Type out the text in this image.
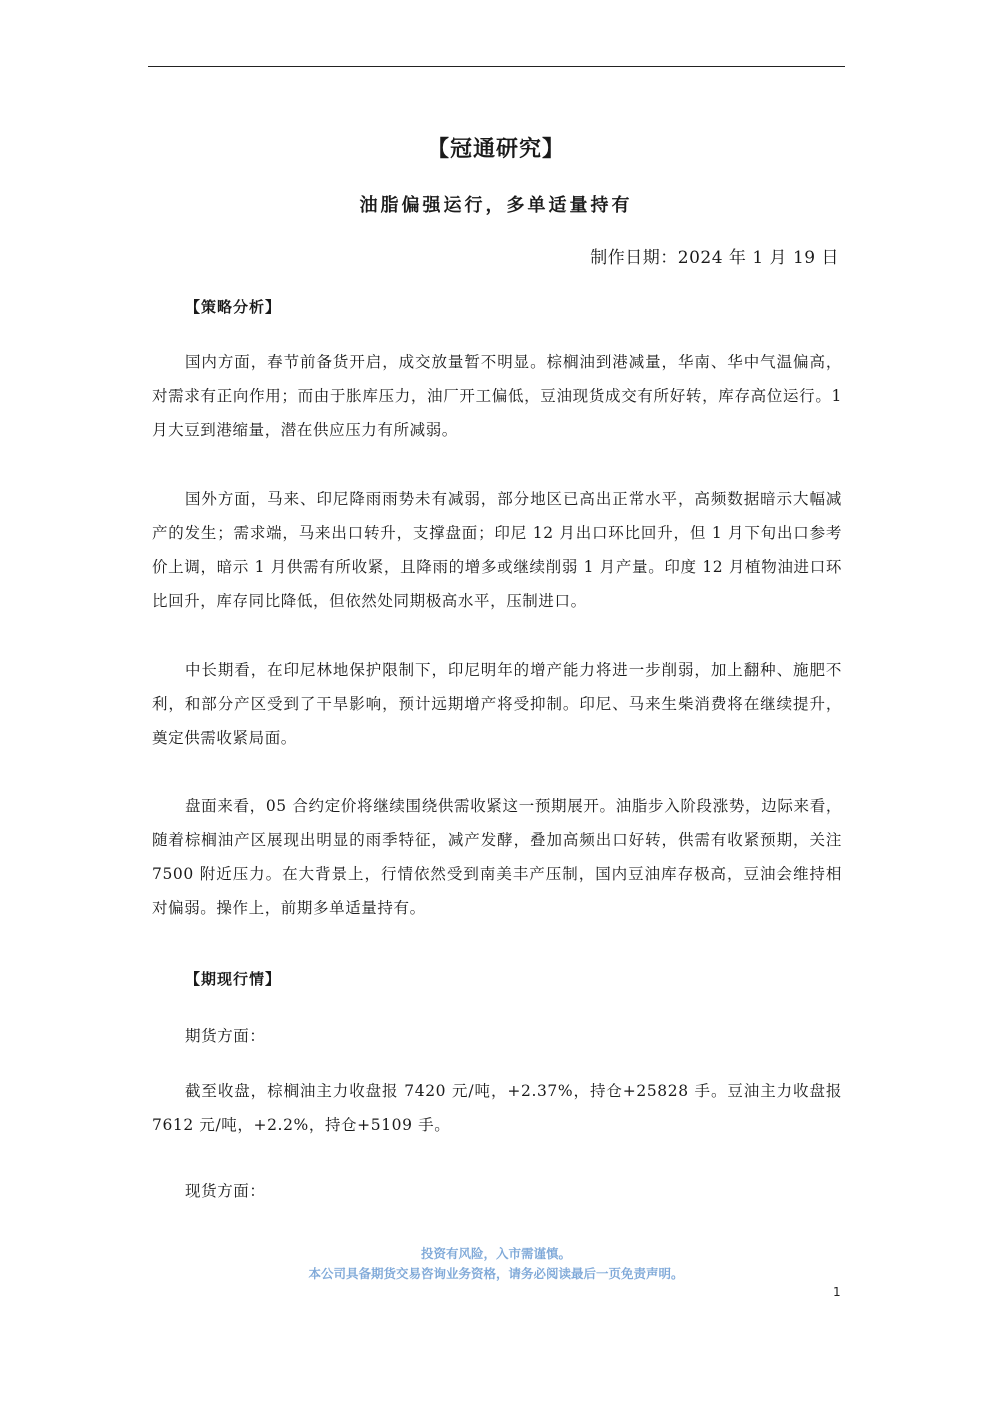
【冠通研究】
油脂偏强运行，多单适量持有
制作日期：2024 年 1 月 19 日
【策略分析】

国内方面，春节前备货开启，成交放量暂不明显。棕榈油到港减量，华南、华中气温偏高，对需求有正向作用；而由于胀库压力，油厂开工偏低，豆油现货成交有所好转，库存高位运行。1 月大豆到港缩量，潜在供应压力有所减弱。

国外方面，马来、印尼降雨雨势未有减弱，部分地区已高出正常水平，高频数据暗示大幅减产的发生；需求端，马来出口转升，支撑盘面；印尼 12 月出口环比回升，但 1 月下旬出口参考价上调，暗示 1 月供需有所收紧，且降雨的增多或继续削弱 1 月产量。印度 12 月植物油进口环比回升，库存同比降低，但依然处同期极高水平，压制进口。

中长期看，在印尼林地保护限制下，印尼明年的增产能力将进一步削弱，加上翻种、施肥不利，和部分产区受到了干旱影响，预计远期增产将受抑制。印尼、马来生柴消费将在继续提升，奠定供需收紧局面。

盘面来看，05 合约定价将继续围绕供需收紧这一预期展开。油脂步入阶段涨势，边际来看，随着棕榈油产区展现出明显的雨季特征，减产发酵，叠加高频出口好转，供需有收紧预期，关注 7500 附近压力。在大背景上，行情依然受到南美丰产压制，国内豆油库存极高，豆油会维持相对偏弱。操作上，前期多单适量持有。

【期现行情】
期货方面：

截至收盘，棕榈油主力收盘报 7420 元/吨，+2.37%，持仓+25828 手。豆油主力收盘报 7612 元/吨，+2.2%，持仓+5109 手。

现货方面：
投资有风险，入市需谨慎。
本公司具备期货交易咨询业务资格，请务必阅读最后一页免责声明。
1
